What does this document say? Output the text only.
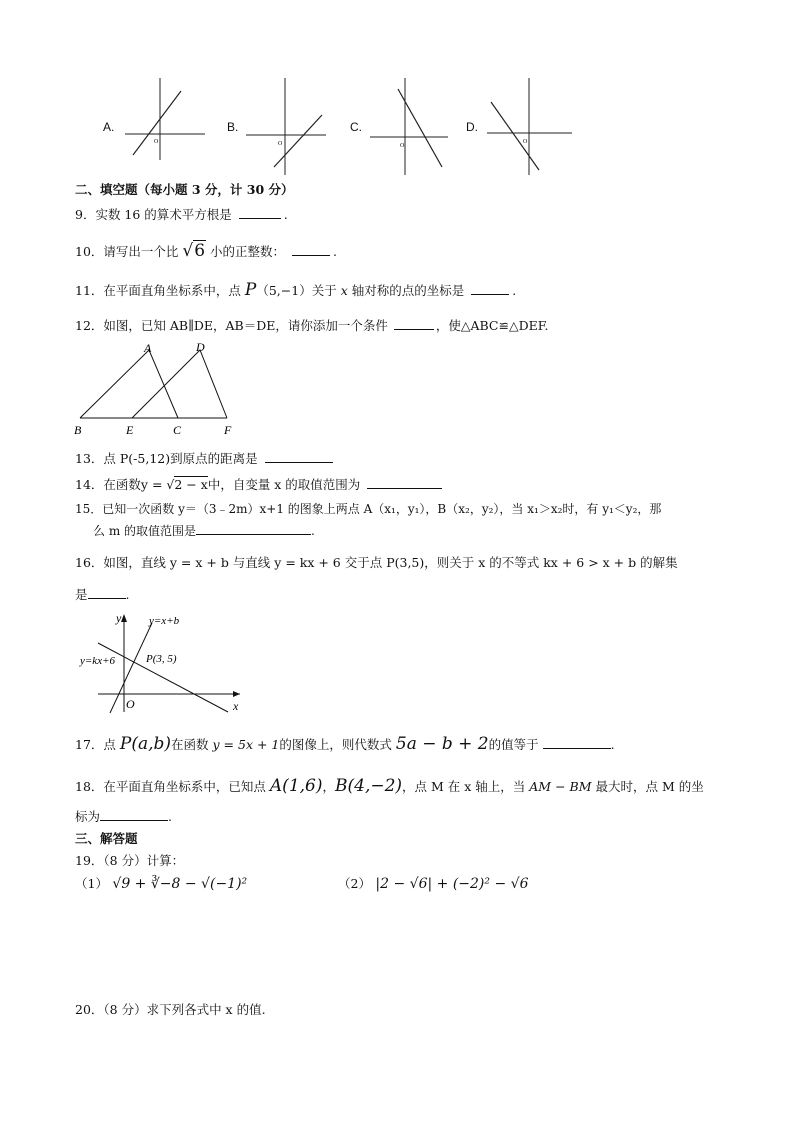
A.
O
B.
O
C.
O
D.
O
二、填空题（每小题 3 分，计 30 分）
9．实数 16 的算术平方根是	.
10．请写出一个比 √6 小的正整数：	.
11．在平面直角坐标系中，点 P（5,−1）关于 x 轴对称的点的坐标是	.
12．如图，已知 AB∥DE，AB＝DE，请你添加一个条件	，使△ABC≌△DEF.
A	D
B	E	C	F
13．点 P(-5,12)到原点的距离是
14．在函数y = √2 − x中，自变量 x 的取值范围为
15．已知一次函数 y＝（3﹣2m）x+1 的图象上两点 A（x₁，y₁），B（x₂，y₂），当 x₁＞x₂时，有 y₁＜y₂，那
么 m 的取值范围是	.
16．如图，直线 y = x + b 与直线 y = kx + 6 交于点 P(3,5)，则关于 x 的不等式 kx + 6 > x + b 的解集
是	.
y=x+b
y=kx+6	P(3, 5)
O	x
y
17．点 P(a,b)在函数 y = 5x + 1的图像上，则代数式 5a − b + 2的值等于	.
18．在平面直角坐标系中，已知点 A(1,6)，B(4,−2)，点 M 在 x 轴上，当 AM − BM 最大时，点 M 的坐
标为	.
三、解答题
19．（8 分）计算：
（1） √9 + ∛−8 − √(−1)²	（2） |2 − √6| + (−2)² − √6
20．（8 分）求下列各式中 x 的值.
